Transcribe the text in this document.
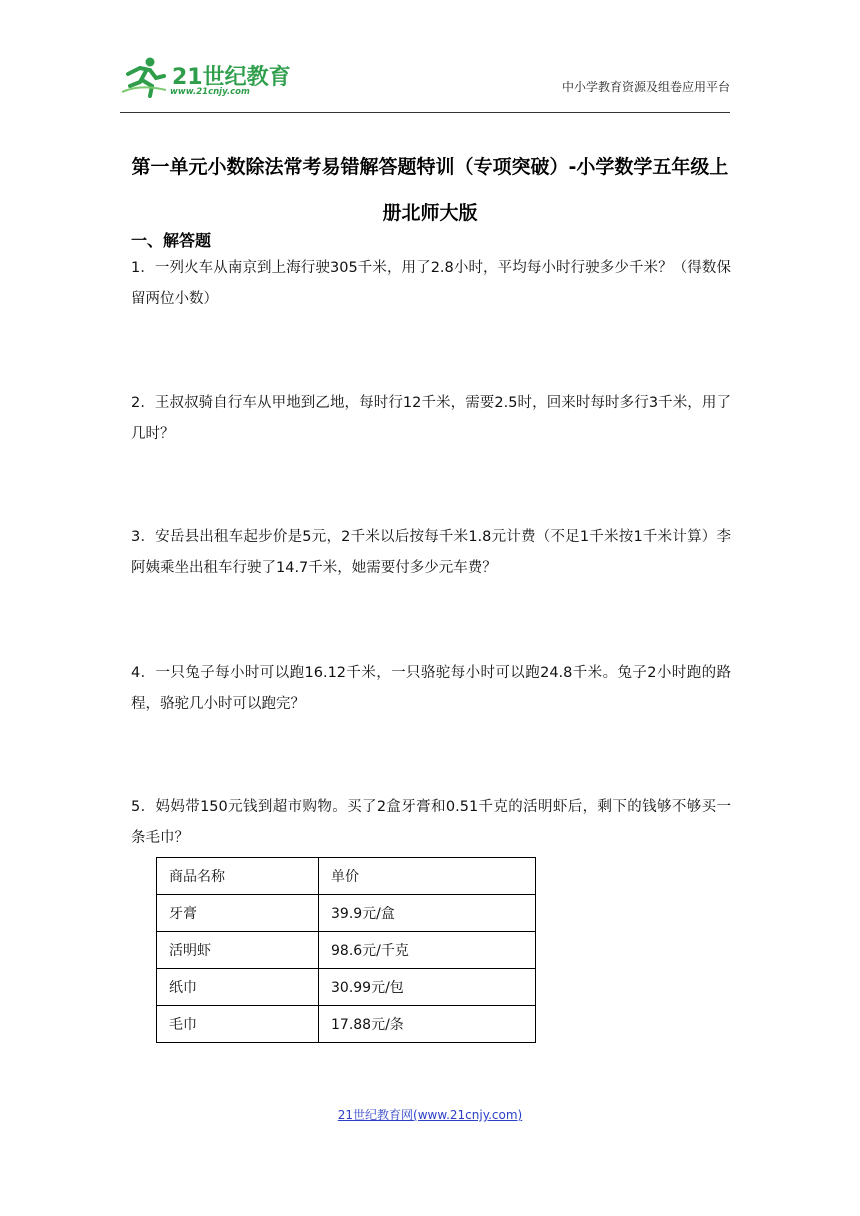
21世纪教育
www.21cnjy.com	中小学教育资源及组卷应用平台
第一单元小数除法常考易错解答题特训（专项突破）-小学数学五年级上册北师大版
一、解答题
1．一列火车从南京到上海行驶305千米，用了2.8小时，平均每小时行驶多少千米？（得数保留两位小数）
2．王叔叔骑自行车从甲地到乙地，每时行12千米，需要2.5时，回来时每时多行3千米，用了几时？
3．安岳县出租车起步价是5元，2千米以后按每千米1.8元计费（不足1千米按1千米计算）李阿姨乘坐出租车行驶了14.7千米，她需要付多少元车费？
4．一只兔子每小时可以跑16.12千米，一只骆驼每小时可以跑24.8千米。兔子2小时跑的路程，骆驼几小时可以跑完？
5．妈妈带150元钱到超市购物。买了2盒牙膏和0.51千克的活明虾后，剩下的钱够不够买一条毛巾？
商品名称	单价
牙膏	39.9元/盒
活明虾	98.6元/千克
纸巾	30.99元/包
毛巾	17.88元/条
21世纪教育网(www.21cnjy.com)
